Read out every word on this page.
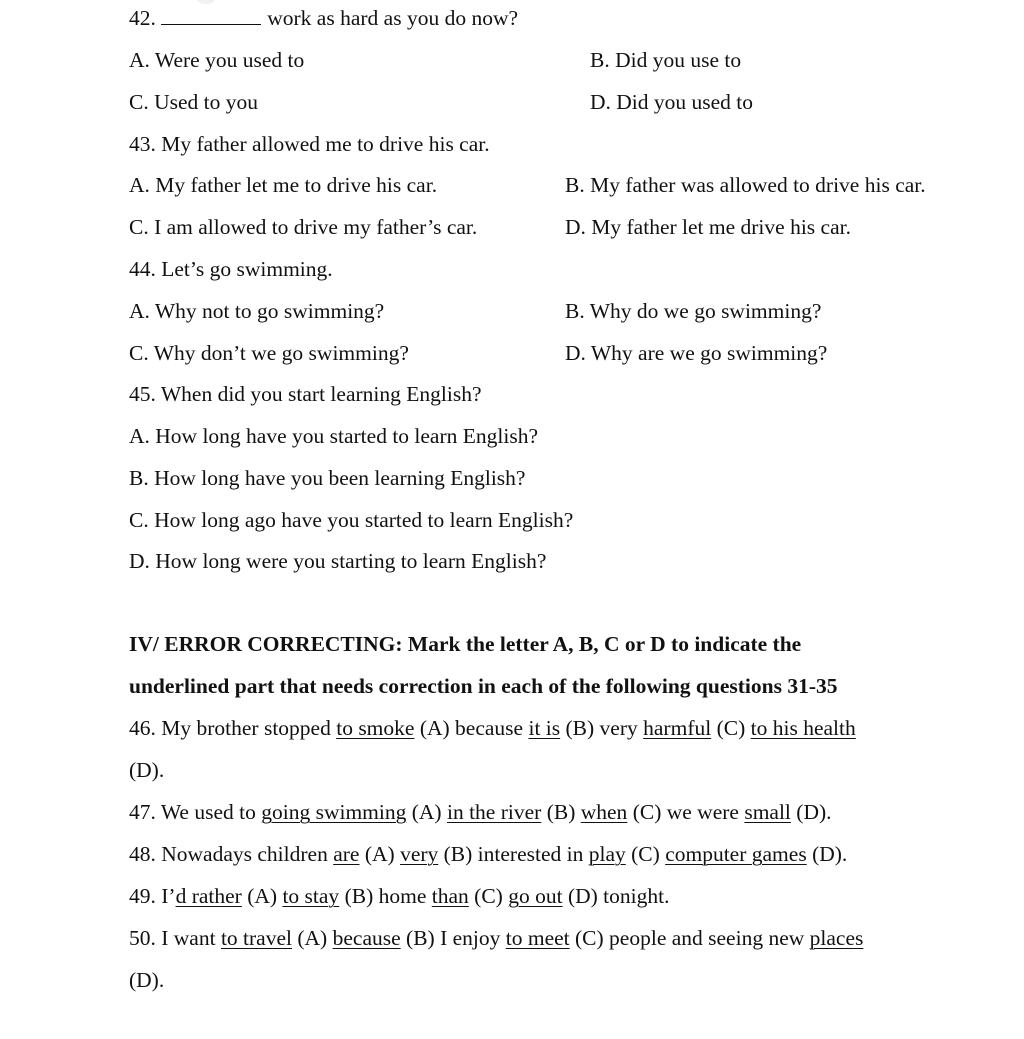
42.	work as hard as you do now?
A. Were you used to	B. Did you use to
C. Used to you	D. Did you used to
43. My father allowed me to drive his car.
A. My father let me to drive his car.	B. My father was allowed to drive his car.
C. I am allowed to drive my father’s car.	D. My father let me drive his car.
44. Let’s go swimming.
A. Why not to go swimming?	B. Why do we go swimming?
C. Why don’t we go swimming?	D. Why are we go swimming?
45. When did you start learning English?
A. How long have you started to learn English?
B. How long have you been learning English?
C. How long ago have you started to learn English?
D. How long were you starting to learn English?
IV/ ERROR CORRECTING: Mark the letter A, B, C or D to indicate the
underlined part that needs correction in each of the following questions 31-35
46. My brother stopped to smoke (A) because it is (B) very harmful (C) to his health
(D).
47. We used to going swimming (A) in the river (B) when (C) we were small (D).
48. Nowadays children are (A) very (B) interested in play (C) computer games (D).
49. I’d rather (A) to stay (B) home than (C) go out (D) tonight.
50. I want to travel (A) because (B) I enjoy to meet (C) people and seeing new places
(D).
